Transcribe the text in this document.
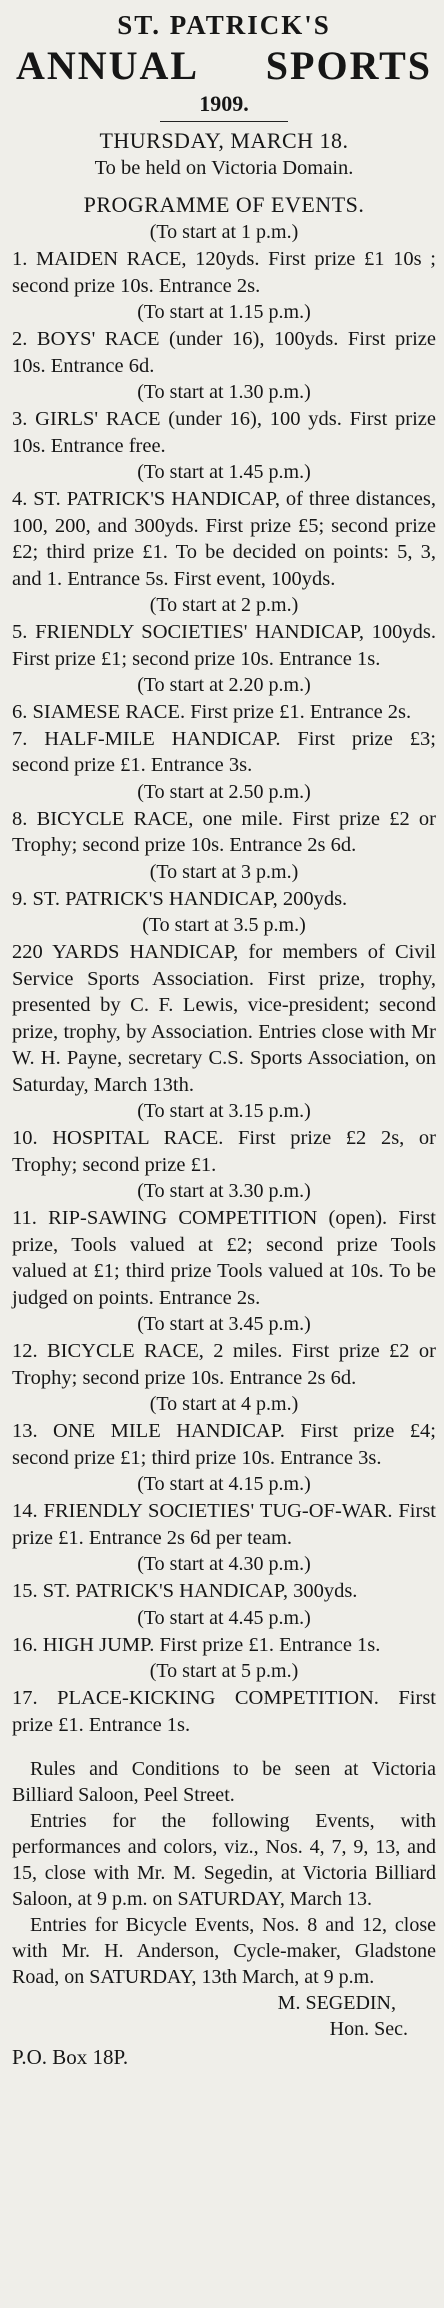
ST. PATRICK'S
ANNUAL SPORTS
1909.
THURSDAY, MARCH 18.
To be held on Victoria Domain.
PROGRAMME OF EVENTS.
(To start at 1 p.m.)
1. MAIDEN RACE, 120yds. First prize £1 10s ; second prize 10s. Entrance 2s.
(To start at 1.15 p.m.)
2. BOYS' RACE (under 16), 100yds. First prize 10s. Entrance 6d.
(To start at 1.30 p.m.)
3. GIRLS' RACE (under 16), 100 yds. First prize 10s. Entrance free.
(To start at 1.45 p.m.)
4. ST. PATRICK'S HANDICAP, of three distances, 100, 200, and 300yds. First prize £5; second prize £2; third prize £1. To be decided on points: 5, 3, and 1. Entrance 5s. First event, 100yds.
(To start at 2 p.m.)
5. FRIENDLY SOCIETIES' HANDICAP, 100yds. First prize £1; second prize 10s. Entrance 1s.
(To start at 2.20 p.m.)
6. SIAMESE RACE. First prize £1. Entrance 2s.
7. HALF-MILE HANDICAP. First prize £3; second prize £1. Entrance 3s.
(To start at 2.50 p.m.)
8. BICYCLE RACE, one mile. First prize £2 or Trophy; second prize 10s. Entrance 2s 6d.
(To start at 3 p.m.)
9. ST. PATRICK'S HANDICAP, 200yds.
(To start at 3.5 p.m.)
220 YARDS HANDICAP, for members of Civil Service Sports Association. First prize, trophy, presented by C. F. Lewis, vice-president; second prize, trophy, by Association. Entries close with Mr W. H. Payne, secretary C.S. Sports Association, on Saturday, March 13th.
(To start at 3.15 p.m.)
10. HOSPITAL RACE. First prize £2 2s, or Trophy; second prize £1.
(To start at 3.30 p.m.)
11. RIP-SAWING COMPETITION (open). First prize, Tools valued at £2; second prize Tools valued at £1; third prize Tools valued at 10s. To be judged on points. Entrance 2s.
(To start at 3.45 p.m.)
12. BICYCLE RACE, 2 miles. First prize £2 or Trophy; second prize 10s. Entrance 2s 6d.
(To start at 4 p.m.)
13. ONE MILE HANDICAP. First prize £4; second prize £1; third prize 10s. Entrance 3s.
(To start at 4.15 p.m.)
14. FRIENDLY SOCIETIES' TUG-OF-WAR. First prize £1. Entrance 2s 6d per team.
(To start at 4.30 p.m.)
15. ST. PATRICK'S HANDICAP, 300yds.
(To start at 4.45 p.m.)
16. HIGH JUMP. First prize £1. Entrance 1s.
(To start at 5 p.m.)
17. PLACE-KICKING COMPETITION. First prize £1. Entrance 1s.

Rules and Conditions to be seen at Victoria Billiard Saloon, Peel Street.

Entries for the following Events, with performances and colors, viz., Nos. 4, 7, 9, 13, and 15, close with Mr. M. Segedin, at Victoria Billiard Saloon, at 9 p.m. on SATURDAY, March 13.

Entries for Bicycle Events, Nos. 8 and 12, close with Mr. H. Anderson, Cycle-maker, Gladstone Road, on SATURDAY, 13th March, at 9 p.m.

M. SEGEDIN,
Hon. Sec.
P.O. Box 18P.
